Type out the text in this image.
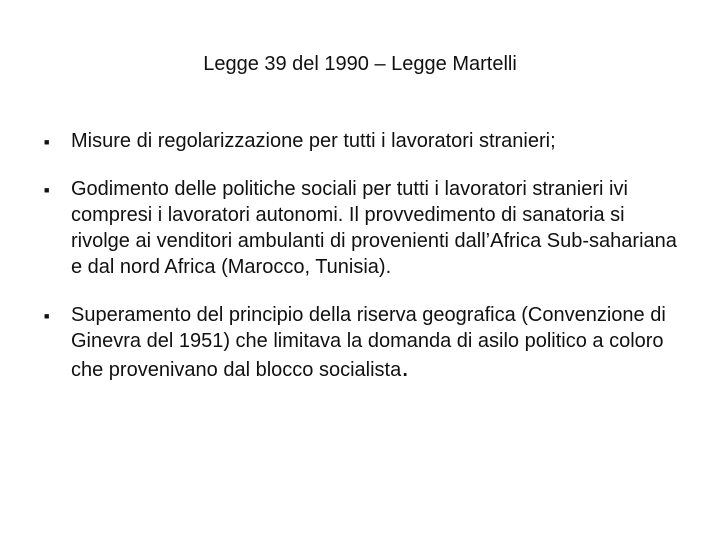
Legge 39 del 1990 – Legge Martelli
■
Misure di regolarizzazione per tutti i lavoratori stranieri;
■
Godimento delle politiche sociali per tutti i lavoratori stranieri ivi compresi i lavoratori autonomi. Il provvedimento di sanatoria si rivolge ai venditori ambulanti di provenienti dall’Africa Sub-sahariana e dal nord Africa (Marocco, Tunisia).
■
Superamento del principio della riserva geografica (Convenzione di Ginevra del 1951) che limitava la domanda di asilo politico a coloro che provenivano dal blocco socialista.
